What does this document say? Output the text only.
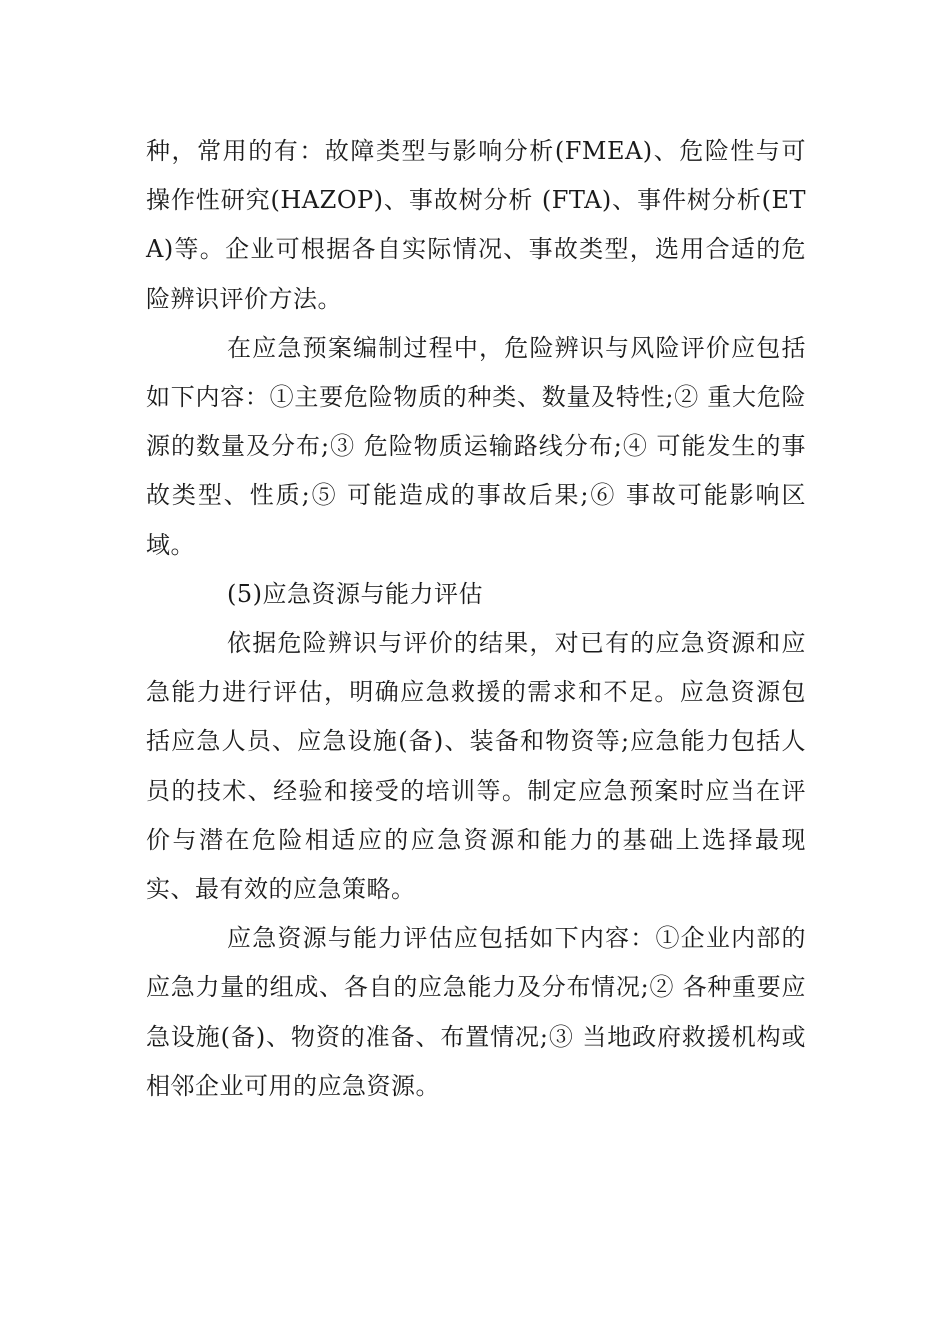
种，常用的有：故障类型与影响分析(FMEA)、危险性与可操作性研究(HAZOP)、事故树分析 (FTA)、事件树分析(ETA)等。企业可根据各自实际情况、事故类型，选用合适的危险辨识评价方法。

在应急预案编制过程中，危险辨识与风险评价应包括如下内容：①主要危险物质的种类、数量及特性;② 重大危险源的数量及分布;③ 危险物质运输路线分布;④ 可能发生的事故类型、性质;⑤ 可能造成的事故后果;⑥ 事故可能影响区域。

(5)应急资源与能力评估

依据危险辨识与评价的结果，对已有的应急资源和应急能力进行评估，明确应急救援的需求和不足。应急资源包括应急人员、应急设施(备)、装备和物资等;应急能力包括人员的技术、经验和接受的培训等。制定应急预案时应当在评价与潜在危险相适应的应急资源和能力的基础上选择最现实、最有效的应急策略。

应急资源与能力评估应包括如下内容：①企业内部的应急力量的组成、各自的应急能力及分布情况;② 各种重要应急设施(备)、物资的准备、布置情况;③ 当地政府救援机构或相邻企业可用的应急资源。
